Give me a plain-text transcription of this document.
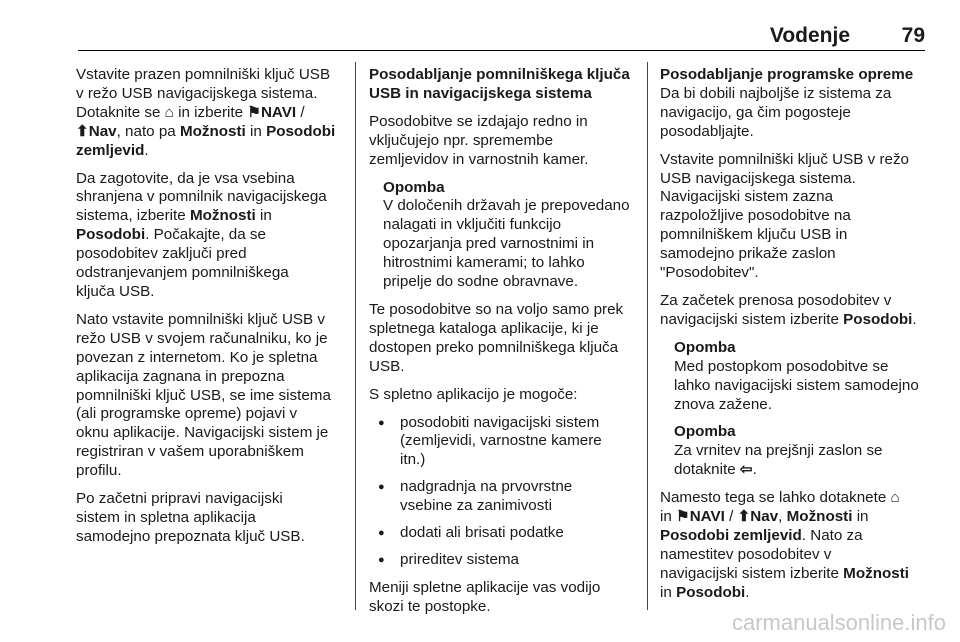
Vodenje 79

Vstavite prazen pomnilniški ključ USB
v režo USB navigacijskega sistema.
Dotaknite se ⌂ in izberite ⚑NAVI /
⬆Nav, nato pa Možnosti in Posodobi
zemljevid.

Da zagotovite, da je vsa vsebina
shranjena v pomnilnik navigacijskega
sistema, izberite Možnosti in
Posodobi. Počakajte, da se
posodobitev zaključi pred
odstranjevanjem pomnilniškega
ključa USB.

Nato vstavite pomnilniški ključ USB v
režo USB v svojem računalniku, ko je
povezan z internetom. Ko je spletna
aplikacija zagnana in prepozna
pomnilniški ključ USB, se ime sistema
(ali programske opreme) pojavi v
oknu aplikacije. Navigacijski sistem je
registriran v vašem uporabniškem
profilu.

Po začetni pripravi navigacijski
sistem in spletna aplikacija
samodejno prepoznata ključ USB.

Posodabljanje pomnilniškega ključa
USB in navigacijskega sistema

Posodobitve se izdajajo redno in
vključujejo npr. spremembe
zemljevidov in varnostnih kamer.

Opomba
V določenih državah je prepovedano
nalagati in vključiti funkcijo
opozarjanja pred varnostnimi in
hitrostnimi kamerami; to lahko
pripelje do sodne obravnave.

Te posodobitve so na voljo samo prek
spletnega kataloga aplikacije, ki je
dostopen preko pomnilniškega ključa
USB.

S spletno aplikacijo je mogoče:

● posodobiti navigacijski sistem
(zemljevidi, varnostne kamere
itn.)
● nadgradnja na prvovrstne
vsebine za zanimivosti
● dodati ali brisati podatke
● prireditev sistema

Meniji spletne aplikacije vas vodijo
skozi te postopke.

Posodabljanje programske opreme

Da bi dobili najboljše iz sistema za
navigacijo, ga čim pogosteje
posodabljajte.

Vstavite pomnilniški ključ USB v režo
USB navigacijskega sistema.
Navigacijski sistem zazna
razpoložljive posodobitve na
pomnilniškem ključu USB in
samodejno prikaže zaslon
"Posodobitev".

Za začetek prenosa posodobitev v
navigacijski sistem izberite Posodobi.

Opomba
Med postopkom posodobitve se
lahko navigacijski sistem samodejno
znova zažene.
Opomba
Za vrnitev na prejšnji zaslon se
dotaknite ⇦.

Namesto tega se lahko dotaknete ⌂
in ⚑NAVI / ⬆Nav, Možnosti in
Posodobi zemljevid. Nato za
namestitev posodobitev v
navigacijski sistem izberite Možnosti
in Posodobi.

carmanualsonline.info
